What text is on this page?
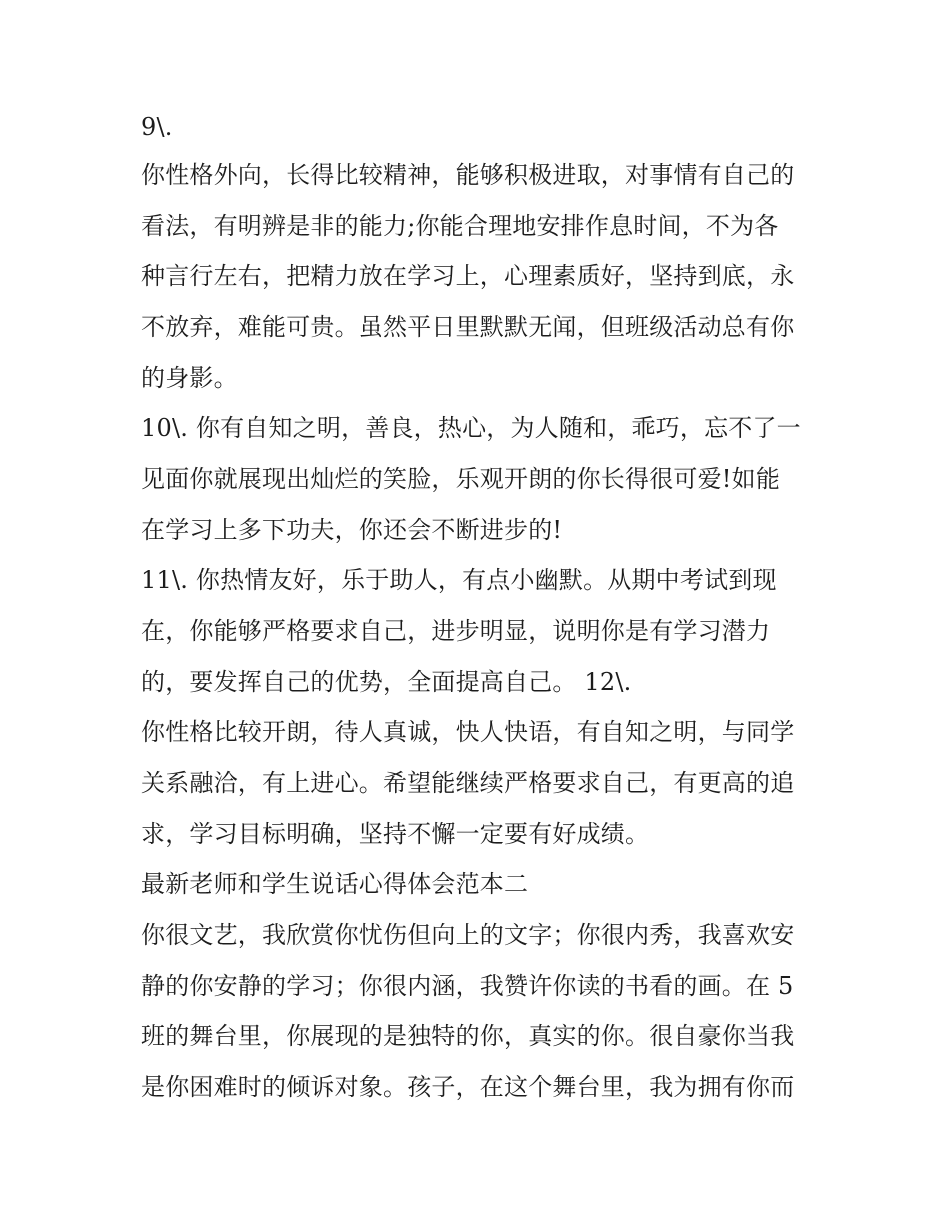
9\.
你性格外向，长得比较精神，能够积极进取，对事情有自己的
看法，有明辨是非的能力;你能合理地安排作息时间，不为各
种言行左右，把精力放在学习上，心理素质好，坚持到底，永
不放弃，难能可贵。虽然平日里默默无闻，但班级活动总有你
的身影。
10\. 你有自知之明，善良，热心，为人随和，乖巧，忘不了一
见面你就展现出灿烂的笑脸，乐观开朗的你长得很可爱!如能
在学习上多下功夫，你还会不断进步的!
11\. 你热情友好，乐于助人，有点小幽默。从期中考试到现
在，你能够严格要求自己，进步明显，说明你是有学习潜力
的，要发挥自己的优势，全面提高自己。 12\.
你性格比较开朗，待人真诚，快人快语，有自知之明，与同学
关系融洽，有上进心。希望能继续严格要求自己，有更高的追
求，学习目标明确，坚持不懈一定要有好成绩。
最新老师和学生说话心得体会范本二
你很文艺，我欣赏你忧伤但向上的文字；你很内秀，我喜欢安
静的你安静的学习；你很内涵，我赞许你读的书看的画。在 5
班的舞台里，你展现的是独特的你，真实的你。很自豪你当我
是你困难时的倾诉对象。孩子，在这个舞台里，我为拥有你而
